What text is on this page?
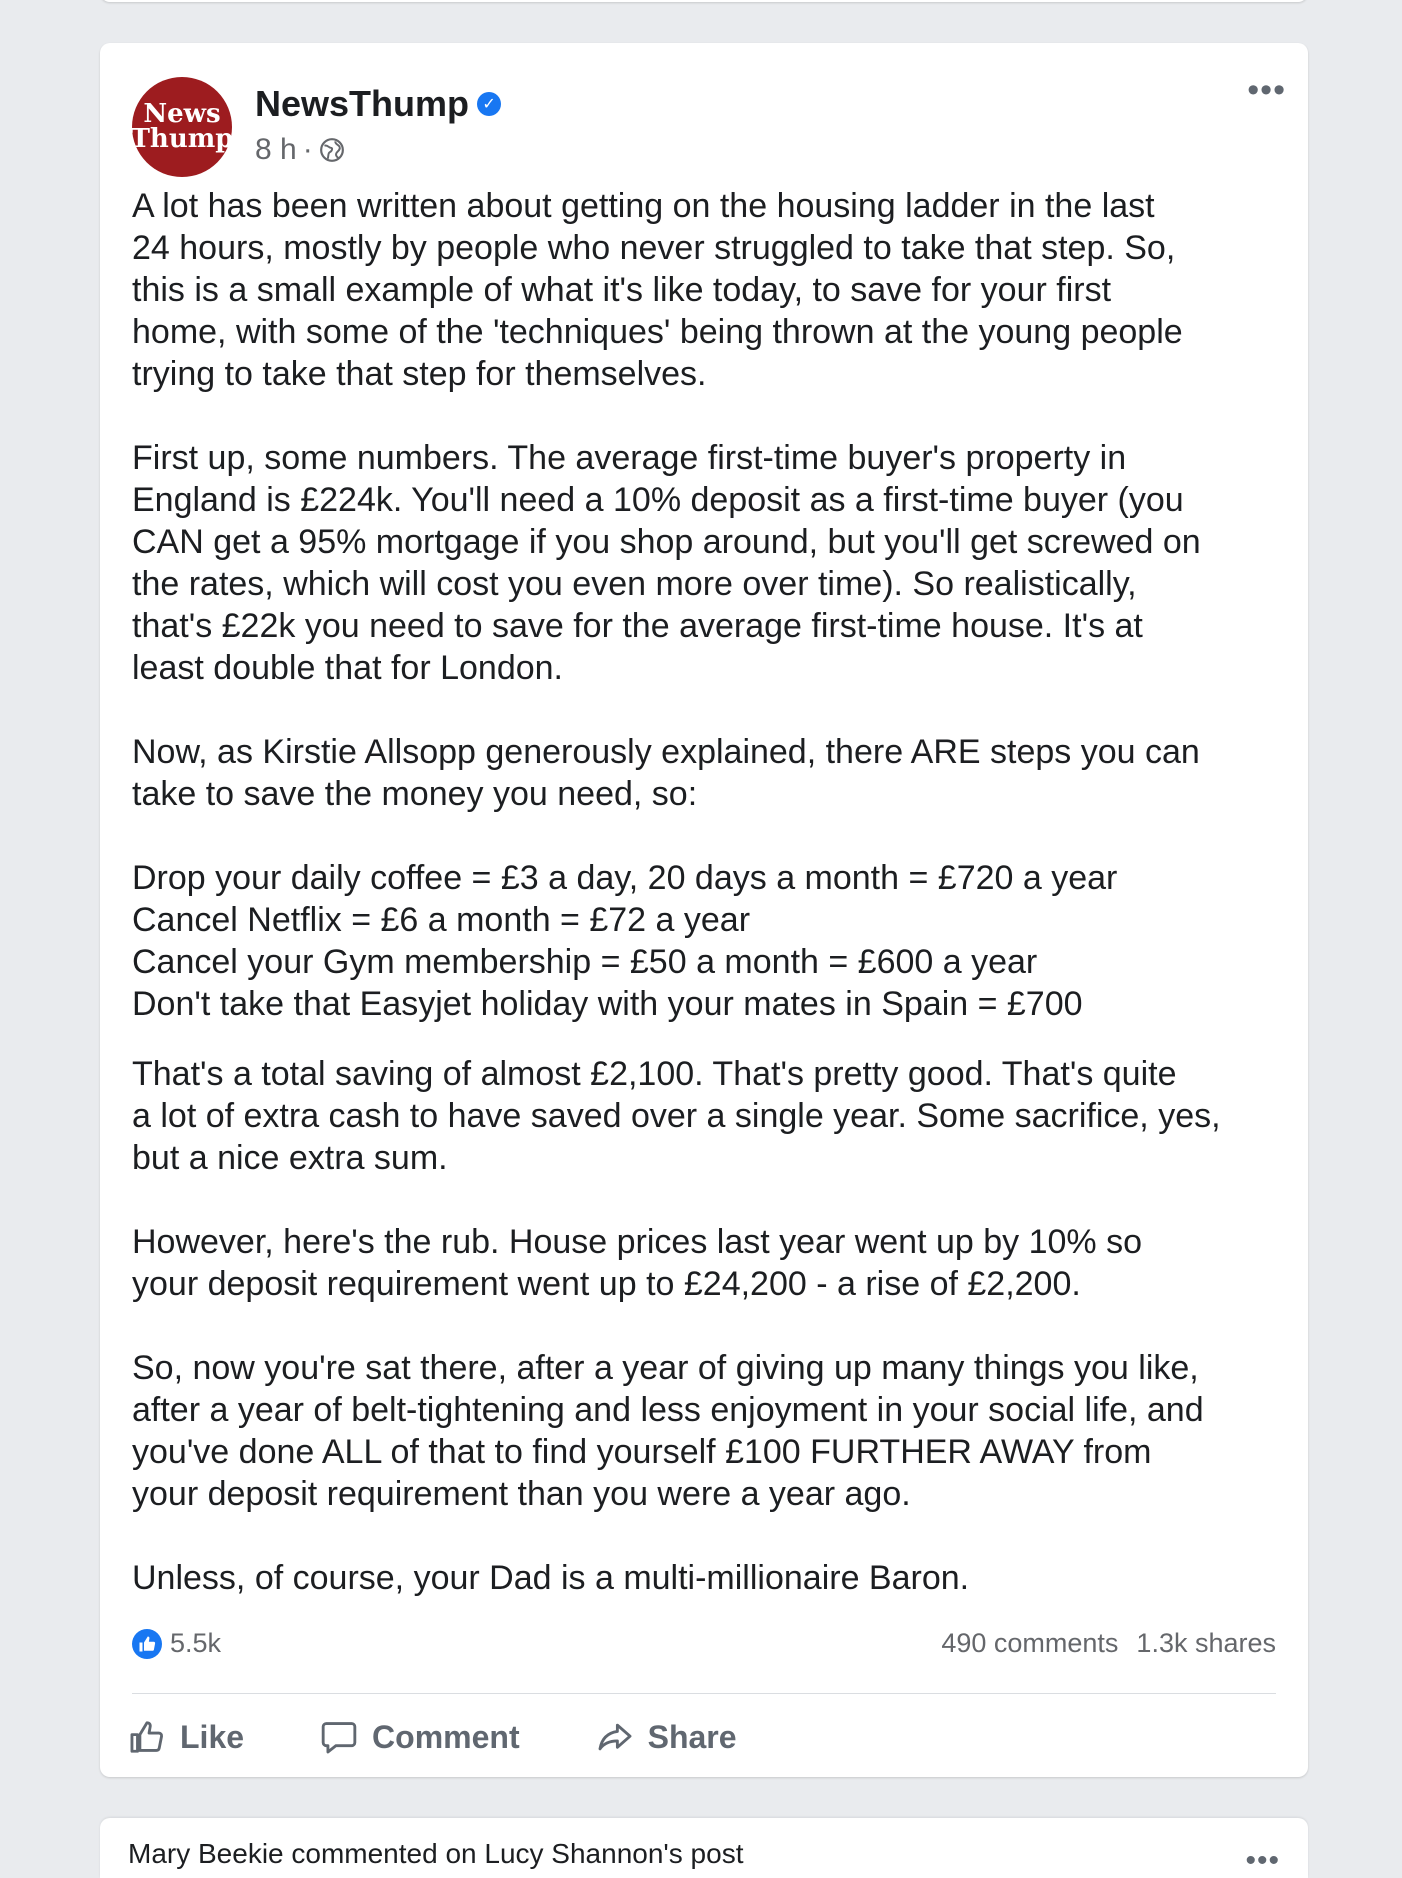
News
Thump
NewsThump ✓
8 h ·
•••

A lot has been written about getting on the housing ladder in the last
24 hours, mostly by people who never struggled to take that step. So,
this is a small example of what it's like today, to save for your first
home, with some of the 'techniques' being thrown at the young people
trying to take that step for themselves.

First up, some numbers. The average first-time buyer's property in
England is £224k. You'll need a 10% deposit as a first-time buyer (you
CAN get a 95% mortgage if you shop around, but you'll get screwed on
the rates, which will cost you even more over time). So realistically,
that's £22k you need to save for the average first-time house. It's at
least double that for London.

Now, as Kirstie Allsopp generously explained, there ARE steps you can
take to save the money you need, so:

Drop your daily coffee = £3 a day, 20 days a month = £720 a year
Cancel Netflix = £6 a month = £72 a year
Cancel your Gym membership = £50 a month = £600 a year
Don't take that Easyjet holiday with your mates in Spain = £700

That's a total saving of almost £2,100. That's pretty good. That's quite
a lot of extra cash to have saved over a single year. Some sacrifice, yes,
but a nice extra sum.

However, here's the rub. House prices last year went up by 10% so
your deposit requirement went up to £24,200 - a rise of £2,200.

So, now you're sat there, after a year of giving up many things you like,
after a year of belt-tightening and less enjoyment in your social life, and
you've done ALL of that to find yourself £100 FURTHER AWAY from
your deposit requirement than you were a year ago.

Unless, of course, your Dad is a multi-millionaire Baron.

5.5k	490 comments 1.3k shares
Like	Comment	Share
Mary Beekie commented on Lucy Shannon's post	•••
